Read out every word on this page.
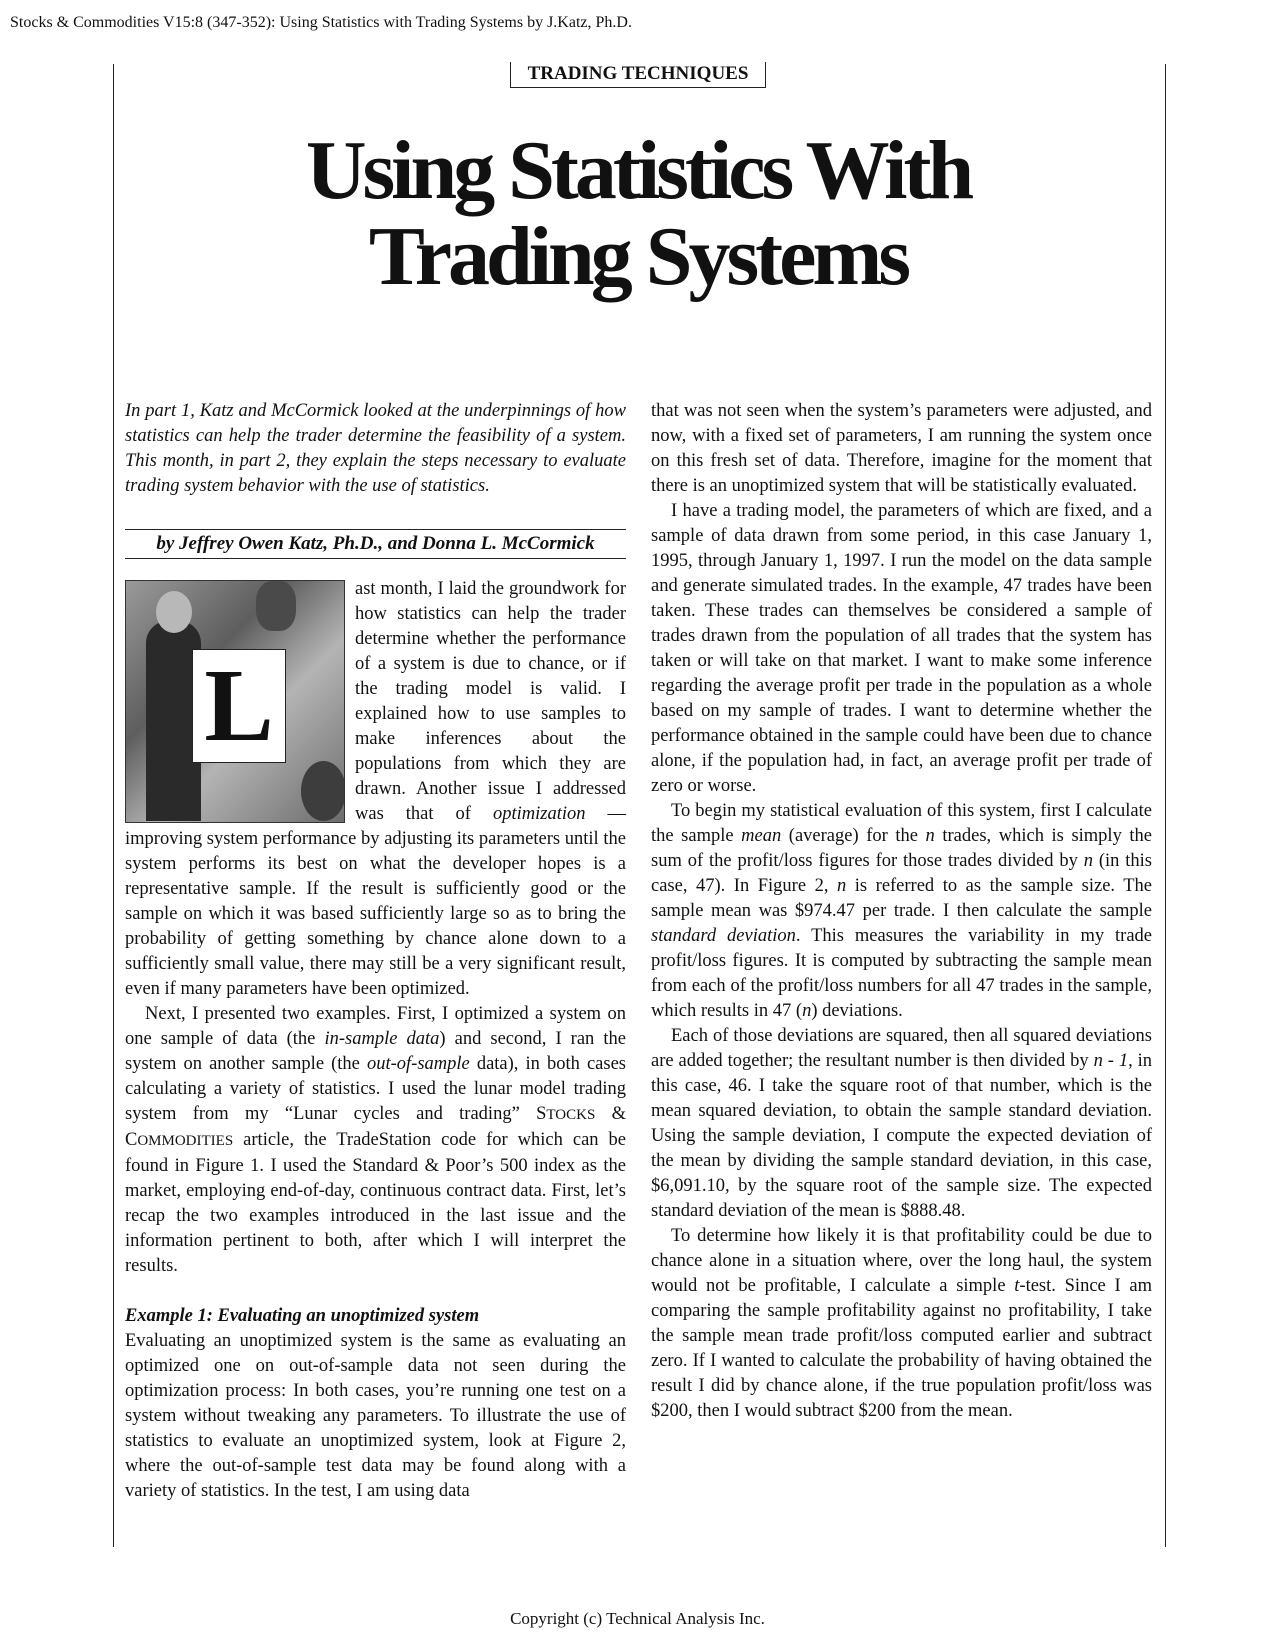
Stocks & Commodities V15:8 (347-352): Using Statistics with Trading Systems by J.Katz, Ph.D.
TRADING TECHNIQUES
Using Statistics With
Trading Systems

In part 1, Katz and McCormick looked at the underpinnings of how statistics can help the trader determine the feasibility of a system. This month, in part 2, they explain the steps necessary to evaluate trading system behavior with the use of statistics.

by Jeffrey Owen Katz, Ph.D., and Donna L. McCormick
L

ast month, I laid the groundwork for how statistics can help the trader determine whether the performance of a system is due to chance, or if the trading model is valid. I explained how to use samples to make inferences about the populations from which they are drawn. Another issue I addressed was that of optimization — improving system performance by adjusting its parameters until the system performs its best on what the developer hopes is a representative sample. If the result is sufficiently good or the sample on which it was based sufficiently large so as to bring the probability of getting something by chance alone down to a sufficiently small value, there may still be a very significant result, even if many parameters have been optimized.

Next, I presented two examples. First, I optimized a system on one sample of data (the in-sample data) and second, I ran the system on another sample (the out-of-sample data), in both cases calculating a variety of statistics. I used the lunar model trading system from my “Lunar cycles and trading” STOCKS & COMMODITIES article, the TradeStation code for which can be found in Figure 1. I used the Standard & Poor’s 500 index as the market, employing end-of-day, continuous contract data. First, let’s recap the two examples introduced in the last issue and the information pertinent to both, after which I will interpret the results.

Example 1: Evaluating an unoptimized system

Evaluating an unoptimized system is the same as evaluating an optimized one on out-of-sample data not seen during the optimization process: In both cases, you’re running one test on a system without tweaking any parameters. To illustrate the use of statistics to evaluate an unoptimized system, look at Figure 2, where the out-of-sample test data may be found along with a variety of statistics. In the test, I am using data

that was not seen when the system’s parameters were adjusted, and now, with a fixed set of parameters, I am running the system once on this fresh set of data. Therefore, imagine for the moment that there is an unoptimized system that will be statistically evaluated.

I have a trading model, the parameters of which are fixed, and a sample of data drawn from some period, in this case January 1, 1995, through January 1, 1997. I run the model on the data sample and generate simulated trades. In the example, 47 trades have been taken. These trades can themselves be considered a sample of trades drawn from the population of all trades that the system has taken or will take on that market. I want to make some inference regarding the average profit per trade in the population as a whole based on my sample of trades. I want to determine whether the performance obtained in the sample could have been due to chance alone, if the population had, in fact, an average profit per trade of zero or worse.

To begin my statistical evaluation of this system, first I calculate the sample mean (average) for the n trades, which is simply the sum of the profit/loss figures for those trades divided by n (in this case, 47). In Figure 2, n is referred to as the sample size. The sample mean was $974.47 per trade. I then calculate the sample standard deviation. This measures the variability in my trade profit/loss figures. It is computed by subtracting the sample mean from each of the profit/loss numbers for all 47 trades in the sample, which results in 47 (n) deviations.

Each of those deviations are squared, then all squared deviations are added together; the resultant number is then divided by n - 1, in this case, 46. I take the square root of that number, which is the mean squared deviation, to obtain the sample standard deviation. Using the sample deviation, I compute the expected deviation of the mean by dividing the sample standard deviation, in this case, $6,091.10, by the square root of the sample size. The expected standard deviation of the mean is $888.48.

To determine how likely it is that profitability could be due to chance alone in a situation where, over the long haul, the system would not be profitable, I calculate a simple t-test. Since I am comparing the sample profitability against no profitability, I take the sample mean trade profit/loss computed earlier and subtract zero. If I wanted to calculate the probability of having obtained the result I did by chance alone, if the true population profit/loss was $200, then I would subtract $200 from the mean.

Copyright (c) Technical Analysis Inc.
